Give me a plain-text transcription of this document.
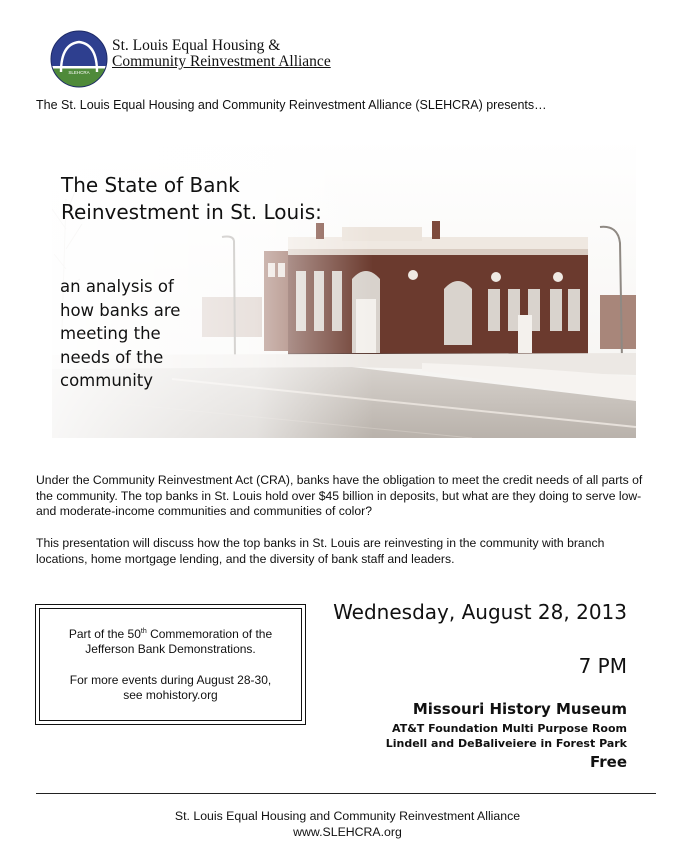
SLEHCRA
St. Louis Equal Housing &
Community Reinvestment Alliance
The St. Louis Equal Housing and Community Reinvestment Alliance (SLEHCRA) presents…
The State of Bank
Reinvestment in St. Louis:
an analysis of
how banks are
meeting the
needs of the
community
Under the Community Reinvestment Act (CRA), banks have the obligation to meet the credit needs of all parts of the community. The top banks in St. Louis hold over $45 billion in deposits, but what are they doing to serve low- and moderate-income communities and communities of color?
This presentation will discuss how the top banks in St. Louis are reinvesting in the community with branch locations, home mortgage lending, and the diversity of bank staff and leaders.
Part of the 50th Commemoration of the
Jefferson Bank Demonstrations.
For more events during August 28-30,
see mohistory.org
Wednesday, August 28, 2013
7 PM
Missouri History Museum
AT&T Foundation Multi Purpose Room
Lindell and DeBaliveiere in Forest Park
Free
St. Louis Equal Housing and Community Reinvestment Alliance
www.SLEHCRA.org
